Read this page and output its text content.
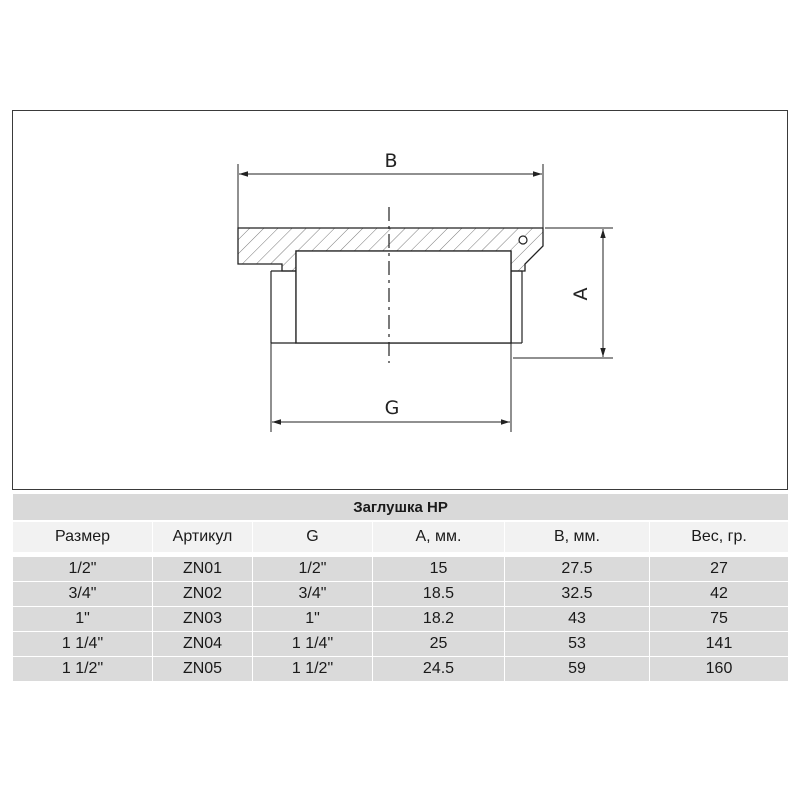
B
A
G
Заглушка НР					
Размер	Артикул	G	A, мм.	B, мм.	Вес, гр.

1/2"	ZN01	1/2"	15	27.5	27
3/4"	ZN02	3/4"	18.5	32.5	42
1"	ZN03	1"	18.2	43	75
1 1/4"	ZN04	1 1/4"	25	53	141
1 1/2"	ZN05	1 1/2"	24.5	59	160
